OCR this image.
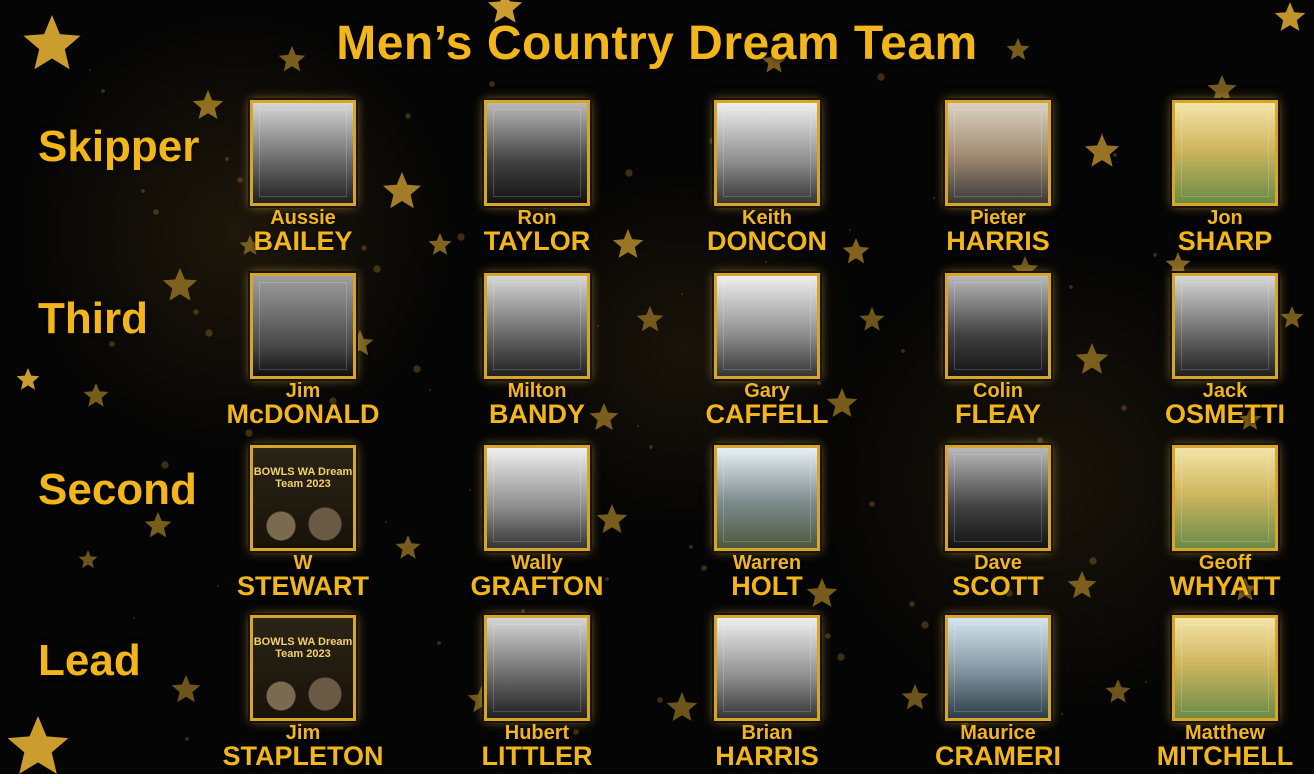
Men’s Country Dream Team
Skipper
Third
Second
Lead
Aussie
BAILEY
Ron
TAYLOR
Keith
DONCON
Pieter
HARRIS
Jon
SHARP
Jim
McDONALD
Milton
BANDY
Gary
CAFFELL
Colin
FLEAY
Jack
OSMETTI
BOWLS WA Dream Team 2023
W
STEWART
Wally
GRAFTON
Warren
HOLT
Dave
SCOTT
Geoff
WHYATT
BOWLS WA Dream Team 2023
Jim
STAPLETON
Hubert
LITTLER
Brian
HARRIS
Maurice
CRAMERI
Matthew
MITCHELL
